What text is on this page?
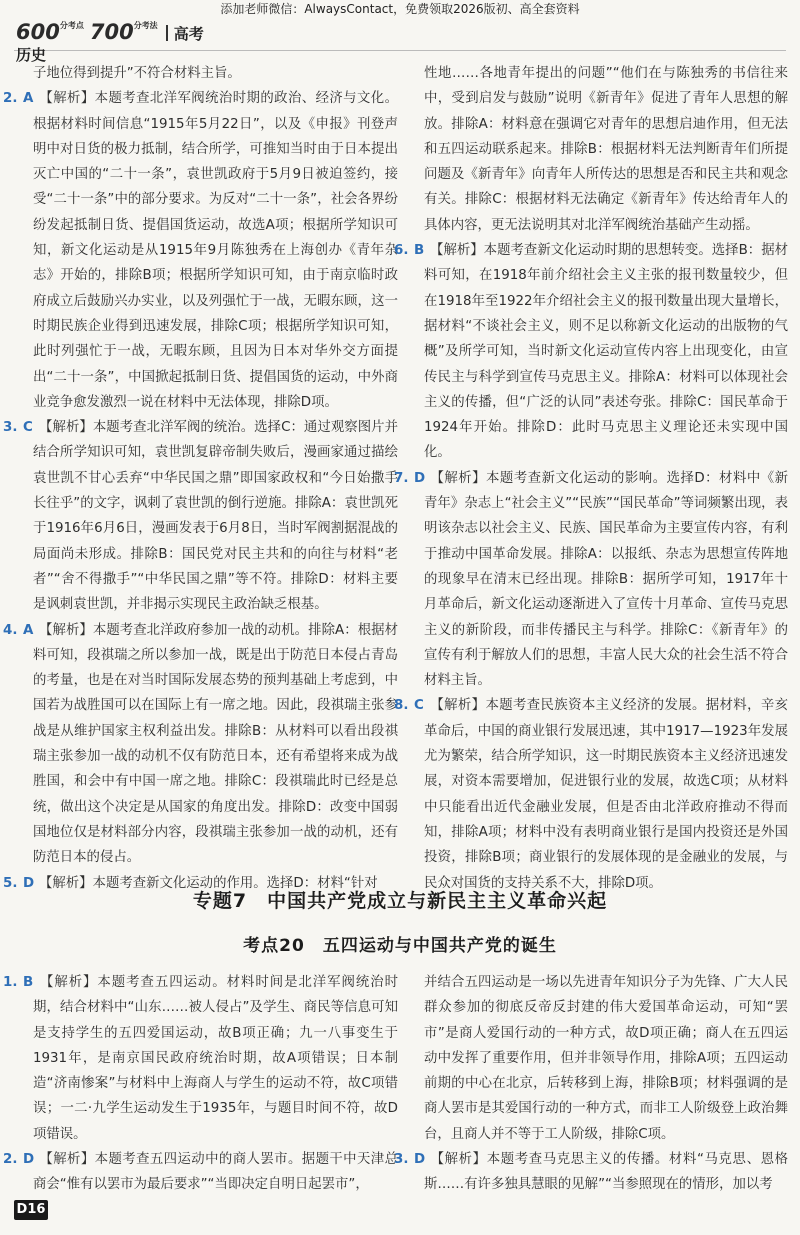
添加老师微信：AlwaysContact，免费领取2026版初、高全套资料
$600^{分考点}$ $700^{分考法}$ 高考历史

子地位得到提升”不符合材料主旨。

2. A 【解析】本题考查北洋军阀统治时期的政治、经济与文化。根据材料时间信息“1915年5月22日”，以及《申报》刊登声明中对日货的极力抵制，结合所学，可推知当时由于日本提出灭亡中国的“二十一条”，袁世凯政府于5月9日被迫签约，接受“二十一条”中的部分要求。为反对“二十一条”，社会各界纷纷发起抵制日货、提倡国货运动，故选A项；根据所学知识可知，新文化运动是从1915年9月陈独秀在上海创办《青年杂志》开始的，排除B项；根据所学知识可知，由于南京临时政府成立后鼓励兴办实业，以及列强忙于一战，无暇东顾，这一时期民族企业得到迅速发展，排除C项；根据所学知识可知，此时列强忙于一战，无暇东顾，且因为日本对华外交方面提出“二十一条”，中国掀起抵制日货、提倡国货的运动，中外商业竞争愈发激烈一说在材料中无法体现，排除D项。

3. C 【解析】本题考查北洋军阀的统治。选择C：通过观察图片并结合所学知识可知，袁世凯复辟帝制失败后，漫画家通过描绘袁世凯不甘心丢弃“中华民国之鼎”即国家政权和“今日始撒手长往乎”的文字，讽刺了袁世凯的倒行逆施。排除A：袁世凯死于1916年6月6日，漫画发表于6月8日，当时军阀割据混战的局面尚未形成。排除B：国民党对民主共和的向往与材料“老者”“舍不得撒手”“中华民国之鼎”等不符。排除D：材料主要是讽刺袁世凯，并非揭示实现民主政治缺乏根基。

4. A 【解析】本题考查北洋政府参加一战的动机。排除A：根据材料可知，段祺瑞之所以参加一战，既是出于防范日本侵占青岛的考量，也是在对当时国际发展态势的预判基础上考虑到，中国若为战胜国可以在国际上有一席之地。因此，段祺瑞主张参战是从维护国家主权利益出发。排除B：从材料可以看出段祺瑞主张参加一战的动机不仅有防范日本，还有希望将来成为战胜国，和会中有中国一席之地。排除C：段祺瑞此时已经是总统，做出这个决定是从国家的角度出发。排除D：改变中国弱国地位仅是材料部分内容，段祺瑞主张参加一战的动机，还有防范日本的侵占。

5. D 【解析】本题考查新文化运动的作用。选择D：材料“针对

性地……各地青年提出的问题”“他们在与陈独秀的书信往来中，受到启发与鼓励”说明《新青年》促进了青年人思想的解放。排除A：材料意在强调它对青年的思想启迪作用，但无法和五四运动联系起来。排除B：根据材料无法判断青年们所提问题及《新青年》向青年人所传达的思想是否和民主共和观念有关。排除C：根据材料无法确定《新青年》传达给青年人的具体内容，更无法说明其对北洋军阀统治基础产生动摇。

6. B 【解析】本题考查新文化运动时期的思想转变。选择B：据材料可知，在1918年前介绍社会主义主张的报刊数量较少，但在1918年至1922年介绍社会主义的报刊数量出现大量增长，据材料“不谈社会主义，则不足以称新文化运动的出版物的气概”及所学可知，当时新文化运动宣传内容上出现变化，由宣传民主与科学到宣传马克思主义。排除A：材料可以体现社会主义的传播，但“广泛的认同”表述夸张。排除C：国民革命于1924年开始。排除D：此时马克思主义理论还未实现中国化。

7. D 【解析】本题考查新文化运动的影响。选择D：材料中《新青年》杂志上“社会主义”“民族”“国民革命”等词频繁出现，表明该杂志以社会主义、民族、国民革命为主要宣传内容，有利于推动中国革命发展。排除A：以报纸、杂志为思想宣传阵地的现象早在清末已经出现。排除B：据所学可知，1917年十月革命后，新文化运动逐渐进入了宣传十月革命、宣传马克思主义的新阶段，而非传播民主与科学。排除C：《新青年》的宣传有利于解放人们的思想，丰富人民大众的社会生活不符合材料主旨。

8. C 【解析】本题考查民族资本主义经济的发展。据材料，辛亥革命后，中国的商业银行发展迅速，其中1917—1923年发展尤为繁荣，结合所学知识，这一时期民族资本主义经济迅速发展，对资本需要增加，促进银行业的发展，故选C项；从材料中只能看出近代金融业发展，但是否由北洋政府推动不得而知，排除A项；材料中没有表明商业银行是国内投资还是外国投资，排除B项；商业银行的发展体现的是金融业的发展，与民众对国货的支持关系不大，排除D项。

专题7　中国共产党成立与新民主主义革命兴起
考点20　五四运动与中国共产党的诞生

1. B 【解析】本题考查五四运动。材料时间是北洋军阀统治时期，结合材料中“山东……被人侵占”及学生、商民等信息可知是支持学生的五四爱国运动，故B项正确；九一八事变生于1931年，是南京国民政府统治时期，故A项错误；日本制造“济南惨案”与材料中上海商人与学生的运动不符，故C项错误；一二·九学生运动发生于1935年，与题目时间不符，故D项错误。

2. D 【解析】本题考查五四运动中的商人罢市。据题干中天津总商会“惟有以罢市为最后要求”“当即决定自明日起罢市”，

并结合五四运动是一场以先进青年知识分子为先锋、广大人民群众参加的彻底反帝反封建的伟大爱国革命运动，可知“罢市”是商人爱国行动的一种方式，故D项正确；商人在五四运动中发挥了重要作用，但并非领导作用，排除A项；五四运动前期的中心在北京，后转移到上海，排除B项；材料强调的是商人罢市是其爱国行动的一种方式，而非工人阶级登上政治舞台，且商人并不等于工人阶级，排除C项。

3. D 【解析】本题考查马克思主义的传播。材料“马克思、恩格斯……有许多独具慧眼的见解”“当参照现在的情形，加以考

D16
